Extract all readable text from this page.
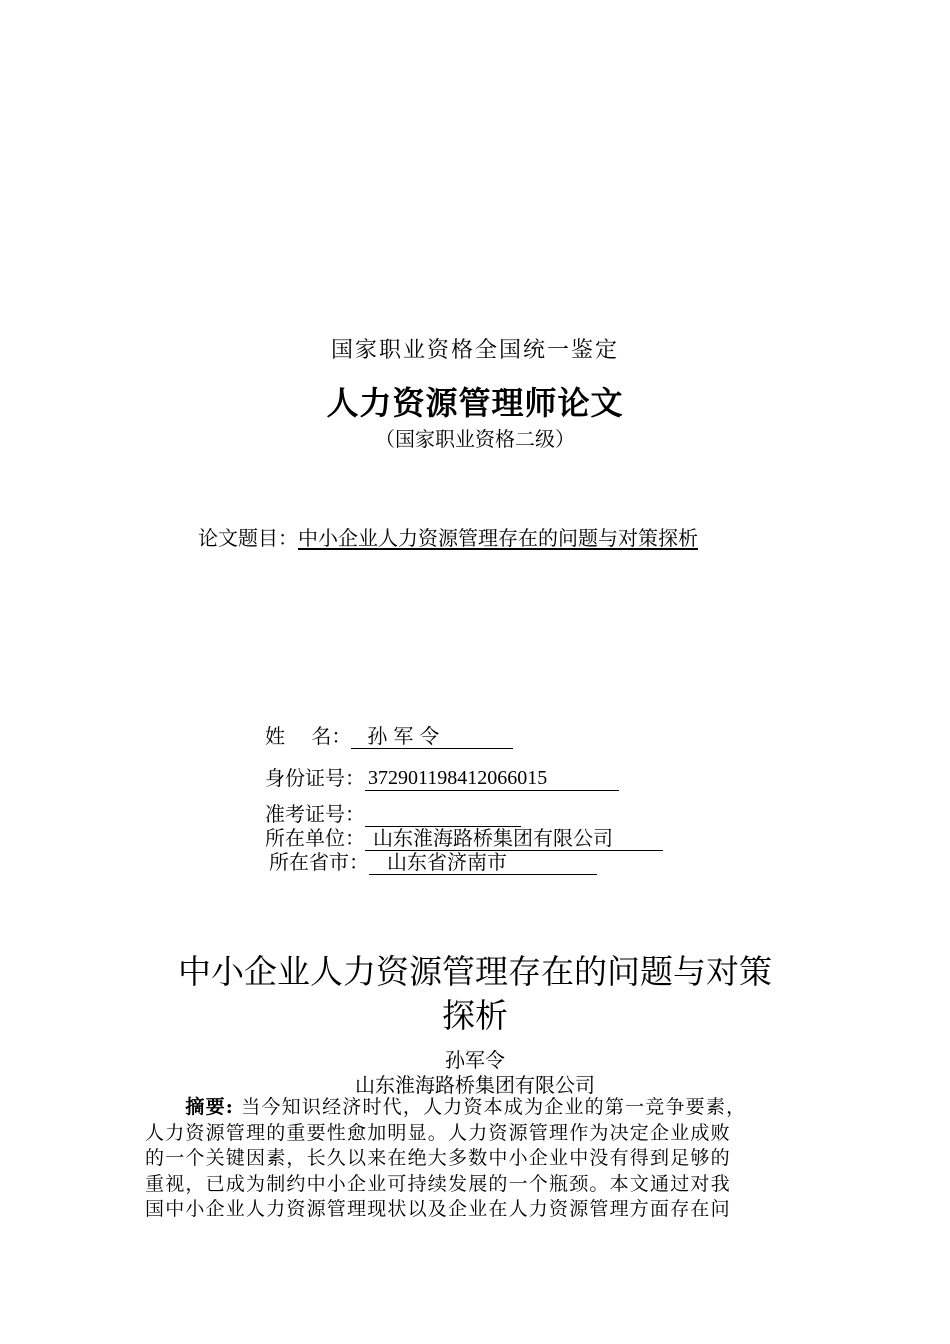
国家职业资格全国统一鉴定
人力资源管理师论文
（国家职业资格二级）
论文题目：中小企业人力资源管理存在的问题与对策探析
姓　 名： 孙军令
身份证号： 372901198412066015
准考证号：
所在单位： 山东淮海路桥集团有限公司
所在省市： 山东省济南市
中小企业人力资源管理存在的问题与对策
探析
孙军令
山东淮海路桥集团有限公司
　　摘要: 当今知识经济时代，人力资本成为企业的第一竞争要素，
人力资源管理的重要性愈加明显。人力资源管理作为决定企业成败
的一个关键因素，长久以来在绝大多数中小企业中没有得到足够的
重视，已成为制约中小企业可持续发展的一个瓶颈。本文通过对我
国中小企业人力资源管理现状以及企业在人力资源管理方面存在问
